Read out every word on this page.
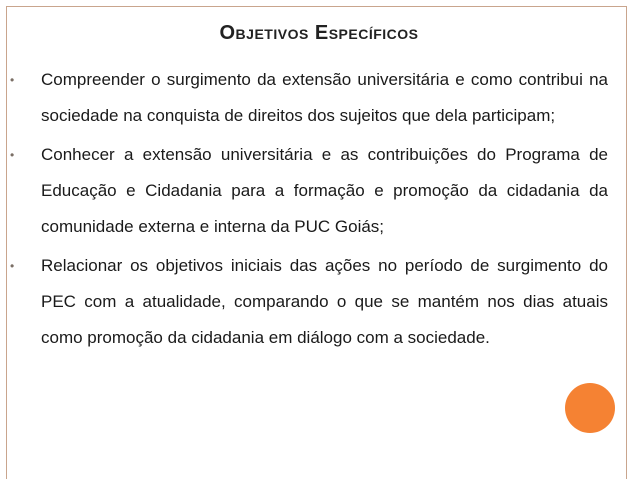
Objetivos Específicos
• Compreender o surgimento da extensão universitária e como contribui na sociedade na conquista de direitos dos sujeitos que dela participam;
• Conhecer a extensão universitária e as contribuições do Programa de Educação e Cidadania para a formação e promoção da cidadania da comunidade externa e interna da PUC Goiás;
• Relacionar os objetivos iniciais das ações no período de surgimento do PEC com a atualidade, comparando o que se mantém nos dias atuais como promoção da cidadania em diálogo com a sociedade.
